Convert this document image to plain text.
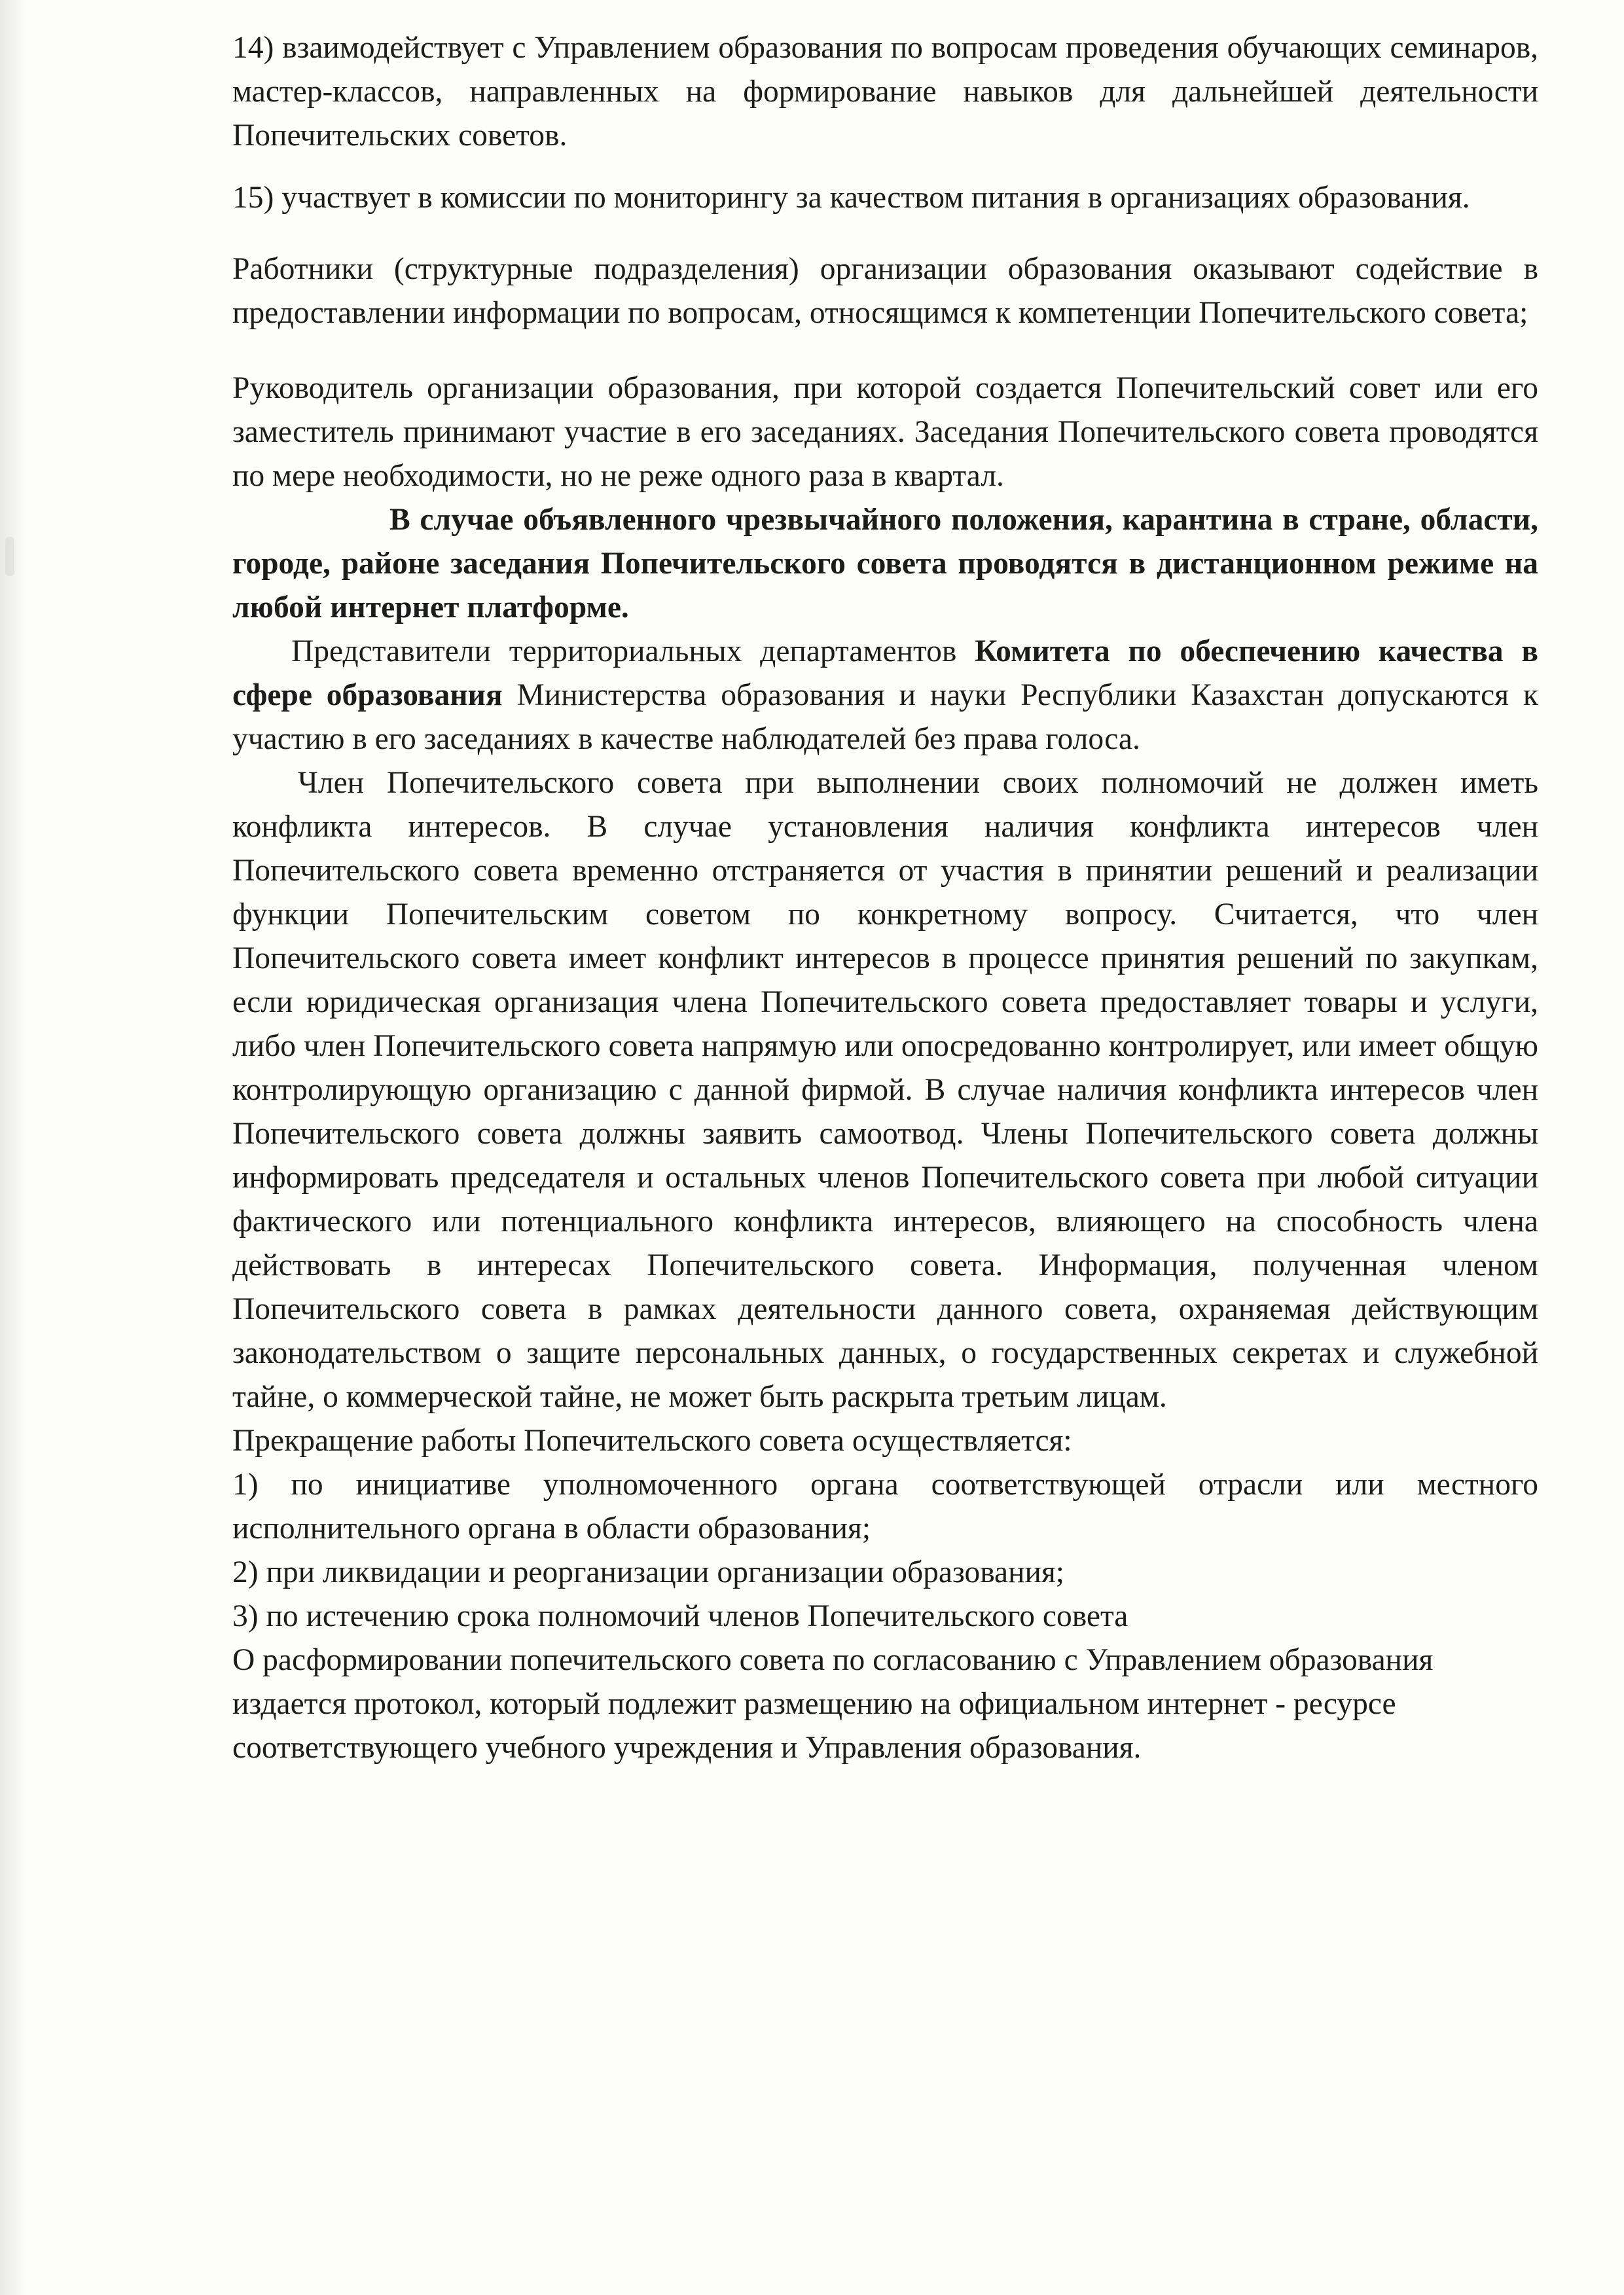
14) взаимодействует с Управлением образования по вопросам проведения обучающих семинаров, мастер-классов, направленных на формирование навыков для дальнейшей деятельности Попечительских советов.

15) участвует в комиссии по мониторингу за качеством питания в организациях образования.

Работники (структурные подразделения) организации образования оказывают содействие в предоставлении информации по вопросам, относящимся к компетенции Попечительского совета;

Руководитель организации образования, при которой создается Попечительский совет или его заместитель принимают участие в его заседаниях. Заседания Попечительского совета проводятся по мере необходимости, но не реже одного раза в квартал.

В случае объявленного чрезвычайного положения, карантина в стране, области, городе, районе заседания Попечительского совета проводятся в дистанционном режиме на любой интернет платформе.

Представители территориальных департаментов Комитета по обеспечению качества в сфере образования Министерства образования и науки Республики Казахстан допускаются к участию в его заседаниях в качестве наблюдателей без права голоса.

Член Попечительского совета при выполнении своих полномочий не должен иметь конфликта интересов. В случае установления наличия конфликта интересов член Попечительского совета временно отстраняется от участия в принятии решений и реализации функции Попечительским советом по конкретному вопросу. Считается, что член Попечительского совета имеет конфликт интересов в процессе принятия решений по закупкам, если юридическая организация члена Попечительского совета предоставляет товары и услуги, либо член Попечительского совета напрямую или опосредованно контролирует, или имеет общую контролирующую организацию с данной фирмой. В случае наличия конфликта интересов член Попечительского совета должны заявить самоотвод. Члены Попечительского совета должны информировать председателя и остальных членов Попечительского совета при любой ситуации фактического или потенциального конфликта интересов, влияющего на способность члена действовать в интересах Попечительского совета. Информация, полученная членом Попечительского совета в рамках деятельности данного совета, охраняемая действующим законодательством о защите персональных данных, о государственных секретах и служебной тайне, о коммерческой тайне, не может быть раскрыта третьим лицам.

Прекращение работы Попечительского совета осуществляется:

1) по инициативе уполномоченного органа соответствующей отрасли или местного исполнительного органа в области образования;

2) при ликвидации и реорганизации организации образования;

3) по истечению срока полномочий членов Попечительского совета

О расформировании попечительского совета по согласованию с Управлением образования издается протокол, который подлежит размещению на официальном интернет - ресурсе соответствующего учебного учреждения и Управления образования.
